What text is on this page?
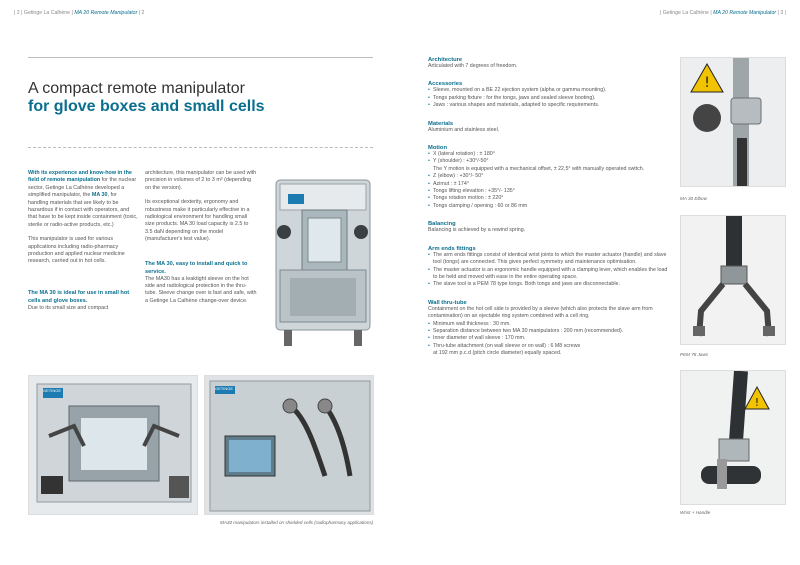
| 2 | Getinge La Calhène | MA 20 Remote Manipulator | 2	| Getinge La Calhène | MA 20 Remote Manipulator | 3 |
A compact remote manipulator
for glove boxes and small cells

With its experience and know-how in the field of remote manipulation for the nuclear sector, Getinge La Calhène developed a simplified manipulator, the MA 30, for handling materials that are likely to be hazardous if in contact with operators, and that have to be kept inside containment (toxic, sterile or radio-active products, etc.)

This manipulator is used for various applications including radio-pharmacy production and applied nuclear medicine research, carried out in hot cells.

The MA 30 is ideal for use in small hot cells and glove boxes.

Due to its small size and compact

architecture, this manipulator can be used with precision in volumes of 2 to 3 m³ (depending on the version).

Its exceptional dexterity, ergonomy and robustness make it particularly effective in a radiological environment for handling small size products. MA 30 load capacity is 2.5 to 3.5 daN depending on the model (manufacturer's test value).

The MA 30, easy to install and quick to service.

The MA30 has a leaktight sleeve on the hot side and radiological protection in the thru-tube. Sleeve change over is fast and safe, with a Getinge La Calhène change-over device.

GETINGE	GETINGE
MA30 manipulators installed on shielded cells (radiopharmacy applications)
Architecture
Articulated with 7 degrees of freedom.
Accessories
• Sleeve, mounted on a BE 22 ejection system (alpha or gamma mounting).
• Tongs parking fixture : for the tongs, jaws and sealed sleeve booting).
• Jaws : various shapes and materials, adapted to specific requirements.
Materials
Aluminium and stainless steel.
Motion
• X (lateral rotation) : ± 180°
• Y (shoulder) : +30°/-50°
The Y motion is equipped with a mechanical offset, ± 22,5° with manually operated switch.
• Z (elbow) : +30°/- 50°
• Azimut : ± 174°
• Tongs lifting elevation : +35°/- 135°
• Tongs rotation motion : ± 220°
• Tongs clamping / opening : 60 or 86 mm
Balancing
Balancing is achieved by a rewind spring.
Arm ends fittings
• The arm ends fittings consist of identical wrist joints to which the master actuator (handle) and slave tool (tongs) are connected. This gives perfect symmetry and maintenance optimisation.
• The master actuator is an ergonomic handle equipped with a clamping lever, which enables the load to be held and moved with ease in the entire operating space.
• The slave tool is a PEM 78 type tongs. Both tongs and jaws are disconnectable.
Wall thru-tube
Containment on the hot cell side is provided by a sleeve (which also protects the slave arm from contamination) on an ejectable ring system combined with a cell ring.
• Minimum wall thickness : 30 mm.
• Separation distance between two MA 30 manipulators : 200 mm (recommended).
• Inner diameter of wall sleeve : 170 mm.
• Thru-tube attachment (on wall sleeve or on wall) : 6 M8 screws
at 192 mm p.c.d (pitch circle diameter) equally spaced.
!
MA 30 Elbow
PEM 78 Jaws
!
Wrist + Handle
